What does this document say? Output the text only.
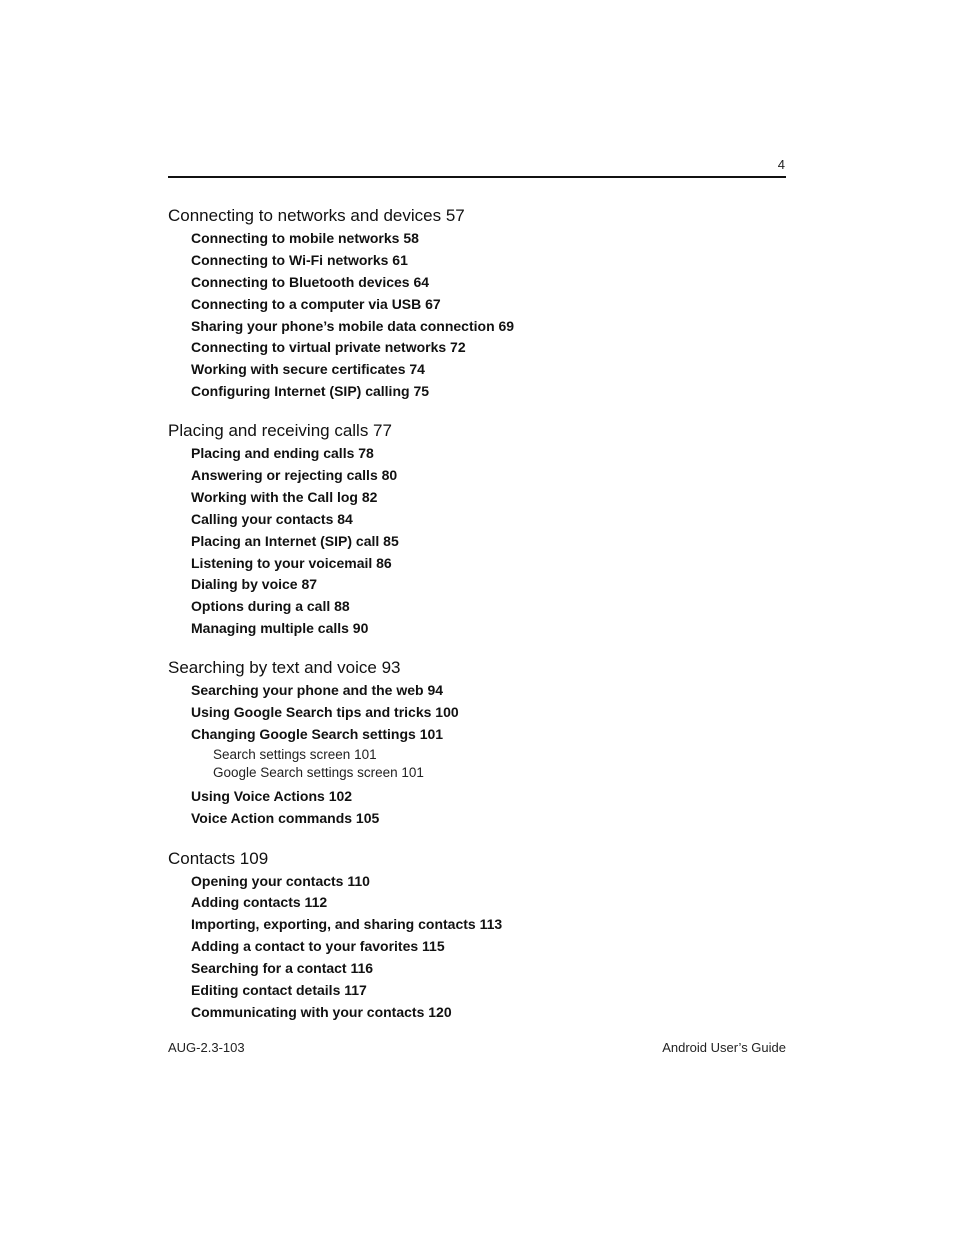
4
Connecting to networks and devices 57
Connecting to mobile networks 58
Connecting to Wi-Fi networks 61
Connecting to Bluetooth devices 64
Connecting to a computer via USB 67
Sharing your phone’s mobile data connection 69
Connecting to virtual private networks 72
Working with secure certificates 74
Configuring Internet (SIP) calling 75
Placing and receiving calls 77
Placing and ending calls 78
Answering or rejecting calls 80
Working with the Call log 82
Calling your contacts 84
Placing an Internet (SIP) call 85
Listening to your voicemail 86
Dialing by voice 87
Options during a call 88
Managing multiple calls 90
Searching by text and voice 93
Searching your phone and the web 94
Using Google Search tips and tricks 100
Changing Google Search settings 101
Search settings screen 101
Google Search settings screen 101
Using Voice Actions 102
Voice Action commands 105
Contacts 109
Opening your contacts 110
Adding contacts 112
Importing, exporting, and sharing contacts 113
Adding a contact to your favorites 115
Searching for a contact 116
Editing contact details 117
Communicating with your contacts 120
AUG-2.3-103	Android User’s Guide
